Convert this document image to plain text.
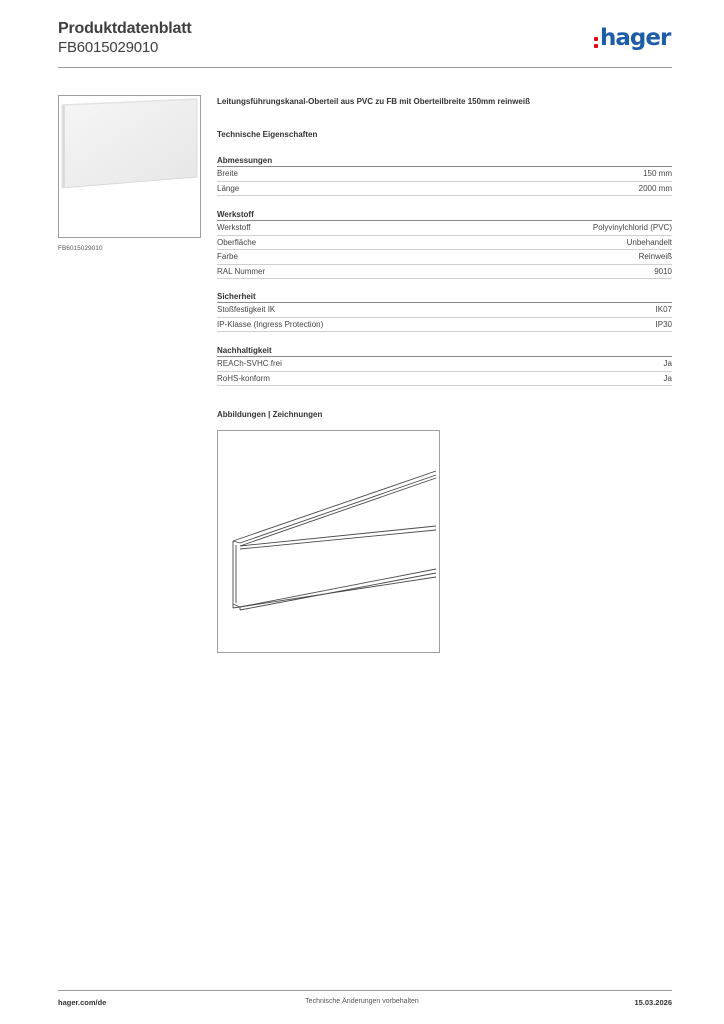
Produktdatenblatt
FB6015029010	hager
FB6015029010
Leitungsführungskanal-Oberteil aus PVC zu FB mit Oberteilbreite 150mm reinweiß
Technische Eigenschaften
Abmessungen
Breite	150 mm
Länge	2000 mm
Werkstoff
Werkstoff	Polyvinylchlorid (PVC)
Oberfläche	Unbehandelt
Farbe	Reinweiß
RAL Nummer	9010
Sicherheit
Stoßfestigkeit IK	IK07
IP-Klasse (Ingress Protection)	IP30
Nachhaltigkeit
REACh-SVHC frei	Ja
RoHS-konform	Ja
Abbildungen | Zeichnungen
hager.com/de	Technische Änderungen vorbehalten	15.03.2026
